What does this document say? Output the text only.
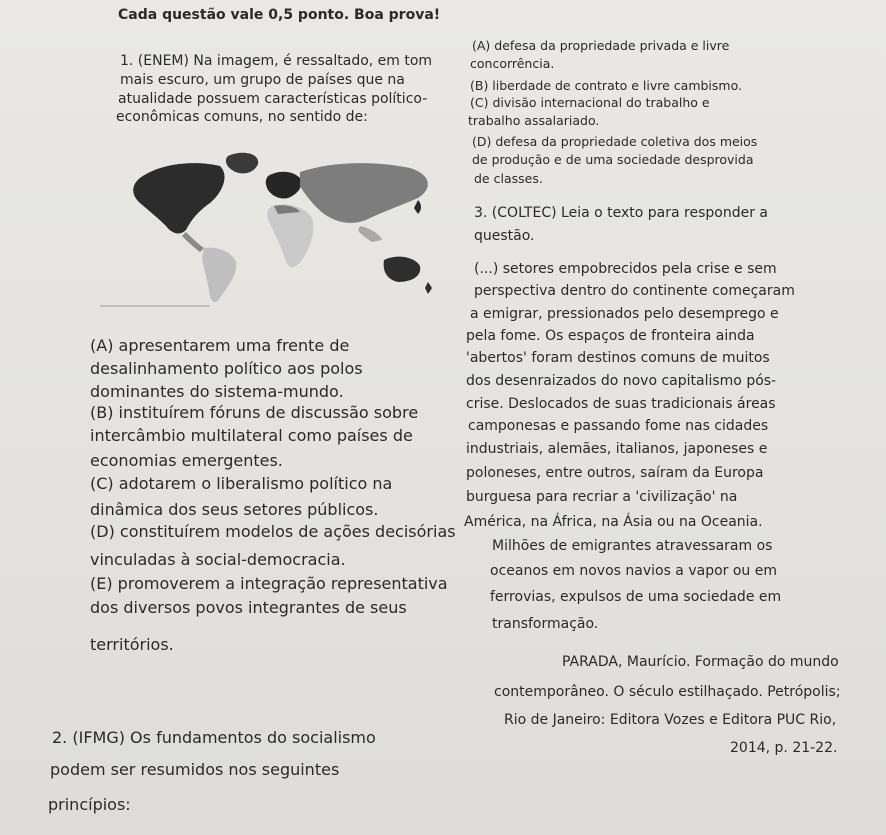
Cada questão vale 0,5 ponto. Boa prova!
1. (ENEM) Na imagem, é ressaltado, em tom
mais escuro, um grupo de países que na
atualidade possuem características político-
econômicas comuns, no sentido de:
(A) apresentarem uma frente de
desalinhamento político aos polos
dominantes do sistema-mundo.
(B) instituírem fóruns de discussão sobre
intercâmbio multilateral como países de
economias emergentes.
(C) adotarem o liberalismo político na
dinâmica dos seus setores públicos.
(D) constituírem modelos de ações decisórias
vinculadas à social-democracia.
(E) promoverem a integração representativa
dos diversos povos integrantes de seus
territórios.
2. (IFMG) Os fundamentos do socialismo
podem ser resumidos nos seguintes
princípios:
(A) defesa da propriedade privada e livre
concorrência.
(B) liberdade de contrato e livre cambismo.
(C) divisão internacional do trabalho e
trabalho assalariado.
(D) defesa da propriedade coletiva dos meios
de produção e de uma sociedade desprovida
de classes.
3. (COLTEC) Leia o texto para responder a
questão.
(...) setores empobrecidos pela crise e sem
perspectiva dentro do continente começaram
a emigrar, pressionados pelo desemprego e
pela fome. Os espaços de fronteira ainda
'abertos' foram destinos comuns de muitos
dos desenraizados do novo capitalismo pós-
crise. Deslocados de suas tradicionais áreas
camponesas e passando fome nas cidades
industriais, alemães, italianos, japoneses e
poloneses, entre outros, saíram da Europa
burguesa para recriar a 'civilização' na
América, na África, na Ásia ou na Oceania.
Milhões de emigrantes atravessaram os
oceanos em novos navios a vapor ou em
ferrovias, expulsos de uma sociedade em
transformação.
PARADA, Maurício. Formação do mundo
contemporâneo. O século estilhaçado. Petrópolis;
Rio de Janeiro: Editora Vozes e Editora PUC Rio,
2014, p. 21-22.
